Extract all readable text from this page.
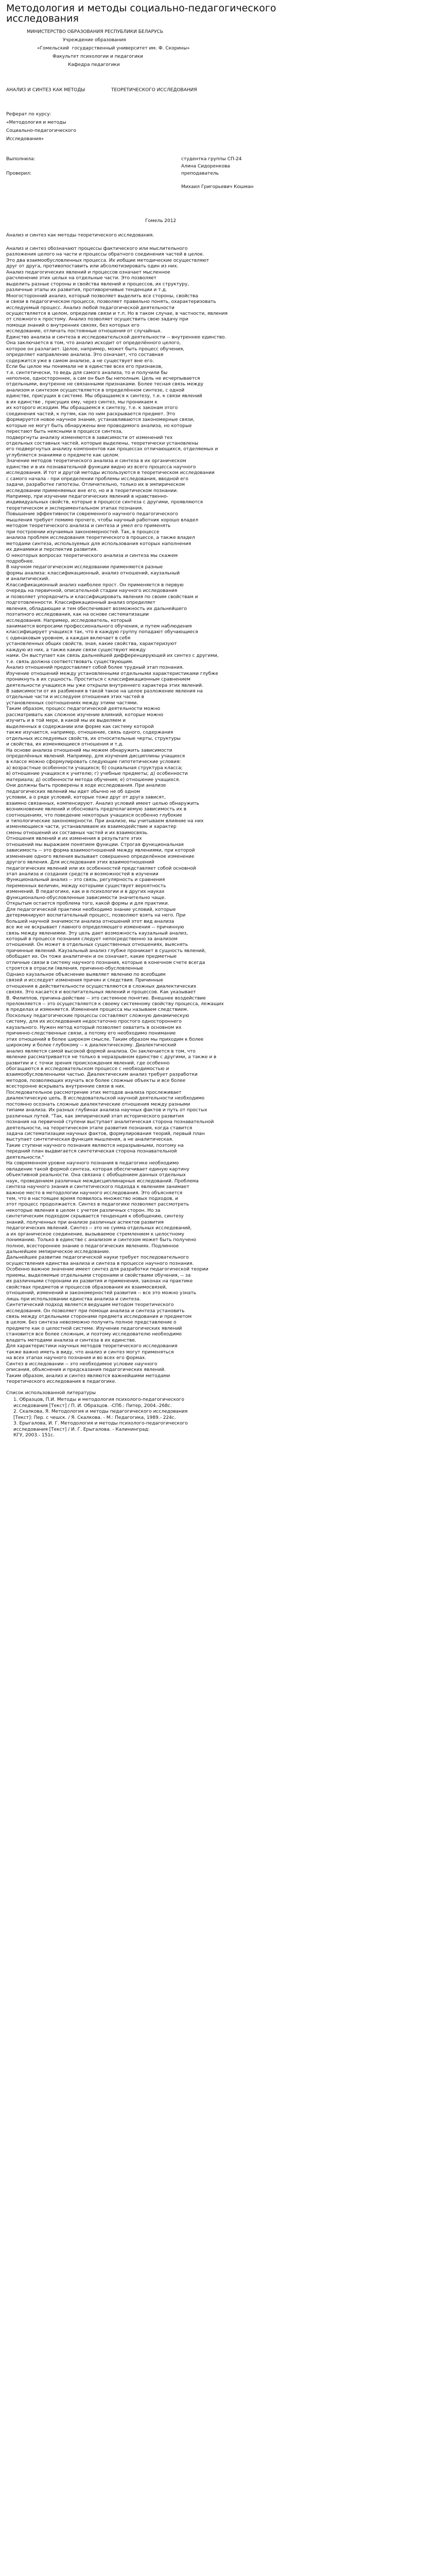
Методология и методы социально-педагогического
исследования
МИНИСТЕРСТВО ОБРАЗОВАНИЯ РЕСПУБЛИКИ БЕЛАРУСЬ
Учреждение образования
«Гомельский  государственный университет им. Ф. Скорины»
Факультет психологии и педагогики
Кафедра педагогики
АНАЛИЗ И СИНТЕЗ КАК МЕТОДЫ	ТЕОРЕТИЧЕСКОГО ИССЛЕДОВАНИЯ
Реферат по курсу:
«Методология и методы
Социально-педагогического
Исследования»
Выполнила:	студентка группы СП-24
Алина Сидоренкова
Проверил:	преподаватель
Михаил Григорьевич Кошман
Гомель 2012
Анализ и синтез как методы теоретического исследования.
Анализ и синтез обозначают процессы фактического или мыслительного
разложения целого на части и процессы обратного соединения частей в целое.
Это два взаимообусловленных процесса. Их иобщие методические осуществляют
друг от друга, противопоставить или абсолютизировать один из них.
Анализ педагогических явлений и процессов означает мысленное
расчленение этих целых на отдельные части. Это позволяет
выделить разные стороны и свойства явлений и процессов, их структуру,
различные этапы их развития, противоречивые тенденции и т.д.
Многосторонний анализ, который позволяет выделить все стороны, свойства
и связи в педагогическом процессе, позволяет правильно понять, охарактеризовать
исследуемый процесс. Анализ любой педагогической деятельности
осуществляется в целом, определив связи и т.п. Но в таком случае, в частности, явления
от сложного к простому. Анализ позволяет осуществить свою задачу при
помощи знаний о внутренних связях, без которых его
исследование, отличать постоянные отношения от случайных.
Единство анализа и синтеза в исследовательской деятельности -- внутреннее единство.
Она заключается в том, что анализ исходит от определённого целого,
которое он разлагает. Целое, например, может быть процесс обучения,
определяет направление анализа. Это означает, что составная
содержится уже в самом анализе, а не существует вне его.
Если бы целое мы понимали не в единстве всех его признаков,
т.е. синтетически, то ведь для самого анализа, то и получили бы
неполное, одностороннее, а сам он был бы неполным. Цель не исчерпывается
отдельными, внутренне не связанными признаками. Более тесная связь между
анализом и синтезом осуществляется в определённом синтезе, с одной
единстве, присущих в системе. Мы обращаемся к синтезу, т.е. к связи явлений
в их единстве , присущих ему, через синтез, мы проникаем к
их которого исходим. Мы обращаемся к синтезу, т.е. к законам этого
соединения частей, к путям, как по ним раскрывается предмет. Это
формируется новое научное знание, устанавливаются закономерные связи,
которые не могут быть обнаружены вне проводимого анализа, но которые
перестают быть неясными в процессе синтеза,
подвергнуты анализу изменяются в зависимости от изменений тех
отдельных составных частей, которые выделены, теоретически установлены
его подвергнутых анализу компонентов как процессах отличающихся, отделяемых и
углубляется знаниями о предмете как целом.
Значение методов теоретического анализа и синтеза в их органическом
единстве и в их познавательной функции видно из всего процесса научного
исследования. И тот и другой методы используются в теоретическом исследовании
с самого начала - при определении проблемы исследования, вводной его
задачи, разработке гипотезы. Отличительно, только их в эмпирическом
исследовании применяемых вне его, но и в теоретическом познании.
Например, при изучении педагогических явлений в нравственно-
индивидуальных свойств, которые в процессе синтеза с другими, проявляются
теоретическом и экспериментальном этапах познания.
Повышение эффективности современного научного педагогического
мышления требует помимо прочего, чтобы научный работник хорошо владел
методом теоретического анализа и синтеза и умел его применять
при построении изучаемых закономерностей. Так, в процессе
анализа проблем исследования теоретического в процессе, а также владел
методами синтеза, используемых для использования которых наполнения
их динамики и перспектив развития.
О некоторых вопросах теоретического анализа и синтеза мы скажем
подробнее.
В научном педагогическом исследовании применяются разные
формы анализа: классификационный, анализ отношений, каузальный
и аналитический.
Классификационный анализ наиболее прост. Он применяется в первую
очередь на первичной, описательной стадии научного исследования
и позволяет упорядочить и классифицировать явления по своим свойствам и
подготовленности. Классификационный анализ определяет
явления, обладающие и тем обеспечивает возможность их дальнейшего
поэтапного исследования, как на основе систематизации
исследования. Например, исследователь, который
занимается вопросами профессионального обучения, и путем наблюдения
классифицирует учащихся так, что в каждую группу попадают обучающиеся
с одинаковым уровнем, а каждая включает в себя
установленных общих свойств, зная, какие свойства, характеризуют
каждую из них, а также какие связи существуют между
нами. Он выступает как связь дальнейшей дифференцирующей их синтез с другими,
т.е. связь должна соответствовать существующим.
Анализ отношений предоставляет собой более трудный этап познания.
Изучение отношений между установленными отдельными характеристиками глубже
проникнуть в их сущность. Проститься с классификационным сравнением
деятельности учащихся мы уже открыли внутреннего характера этих явлений.
В зависимости от их разбиения в такой такое на целое разложение явления на
отдельные части и исследуем отношения этих частей в
установленных соотношениях между этими частями.
Таким образом, процесс педагогической деятельности можно
рассматривать как сложное изучение влияний, которые можно
изучить и в той мере, в какой мы их выделяем и
выделенных в содержании или форме как систему которой
также изучается, например, отношение, связь одного, содержания
отдельных исследуемых свойств, их относительные черты, структуры
и свойства, их изменяющиеся отношения и т.д.
На основе анализа отношений мы можем обнаружить зависимости
определённых явлений. Например, для изучения дисциплины учащихся
в классе можно сформулировать следующие гипотетические условия:
а) возрастные особенности учащихся; б) социальная структура класса;
в) отношение учащихся к учителю; г) учебные предметы; д) особенности
материала; д) особенности метода обучения; е) отношение учащихся.
Они должны быть проверены в ходе исследования. При анализе
педагогических явлений мы идет обычно не об одном
условии, а о ряде условий, которые тоже друг от друга зависят,
взаимно связанных, компенсируют. Анализ условий имеет целью обнаружить
возникновение явлений и обосновать предполагаемую зависимость их в
соотношениях, что поведение некоторых учащихся особенно глубокие
и типологические закономерности. При анализе, мы учитываем влияние на них
изменяющиеся части, устанавливаем их взаимодействие и характер
смены отношений их составных частей и их взаимосвязь.
Отношения явлений и их изменения в результате этих
отношений мы выражаем понятием функции. Строгая функциональная
зависимость -- это форма взаимоотношений между явлениями, при которой
изменение одного явления вызывает совершенно определённое изменение
другого явления. Для исследования этих взаимоотношений
педагогических явлений или их особенностей представляет собой основной
этап анализа и создания средств и возможностей в изучении
Функциональный анализ -- это связь, регулярность и сравнения
переменных величин, между которыми существует вероятность
изменений. В педагогике, как и в психологии и в других науках
функционально-обусловленные зависимости значительно чаще.
Открытым остается проблема того, какой формы и для практики.
Для педагогической практики необходимо знание условий, которые
детерминируют воспитательный процесс, позволяют взять на него. При
большей научной значимости анализа отношений этот вид анализа
все же не вскрывает главного определяющего изменения -- причинную
связь между явлениями. Эту цель дает возможность каузальный анализ,
который в процессе познания следует непосредственно за анализом
отношений. Он может в отдельных существенных отношениях, выяснять
причинные явлений. Каузальный анализ глубже проникает в сущность явлений,
обобщает их. Он тоже аналитичен и он означает, какие предметные
отличные связи в систему научного познания, которые в конечном счете всегда
строятся в отрасли (явления, причинно-обусловленные
Однако каузальное объяснение выявляет явлению по всеобщим
связей и исследует изменения причин и следствия. Причинные
отношения в действительности осуществляются в сложных диалектических
связях. Это касается и воспитательных явлений и процессов. Как указывает
В. Филиппов, причина-действие -- это системное понятие. Внешнее воздействие
преломляется -- это осуществляется к своему системному свойству процесса, лежащих
в пределах и изменяется. Изменения процесса мы называем следствием.
Поскольку педагогические процессы составляют сложную динамическую
систему, для их исследования недостаточно простого одностороннего
каузального. Нужен метод который позволяет охватить в основном их
причинно-следственные связи, а потому его необходимо понимание
этих отношений в более широком смысле. Таким образом мы приходим к более
широкому и более глубокому -- к диалектическому. Диалектический
анализ является самой высокой формой анализа. Он заключается в том, что
явление рассматривается не только в неразрывном единстве с другими, а также и в
развитии и с точки зрения происхождения явлений, где особенно
обогащаются в исследовательском процессе с необходимостью и
взаимообусловленными частью. Диалектическим анализ требует разработки
методов, позволяющих изучать все более сложные объекты и все более
всесторонне вскрывать внутренние связи в них.
Последовательное рассмотрение этих методов анализа прослеживает
диалектическую цепь. В исследовательской научной деятельности необходимо
постоянно осознать сложные диалектические отношения между разными
типами анализа. Их разных глубинах анализа научных фактов и путь от простых
различных путей. "Так, как эмпирический этап исторического развития
познания на первичной ступени выступает аналитическая сторона познавательной
деятельности, на теоретическом этапе развития познания, когда ставится
задача систематизации научных фактов, формулирования теорий, первый план
выступает синтетическая функция мышления, а не аналитическая.
Такие ступени научного познания являются неразрывными, поэтому на
передний план выдвигается синтетическая сторона познавательной
деятельности."
На современном уровне научного познания в педагогике необходимо
овладение такой формой синтеза, которая обеспечивает единую картину
объективной реальности. Она связана с обобщением данных отдельных
наук, проведением различных междисциплинарных исследований. Проблема
синтеза научного знания и синтетического подхода к явлениям занимает
важное место в методологии научного исследования. Это объясняется
тем, что в настоящее время появилось множество новых подходов, и
этот процесс продолжается. Синтез в педагогике позволяет рассмотреть
некоторые явления в целом с учетом различных сторон. Но за
синтетическим подходом скрывается тенденция к обобщению, синтезу
знаний, полученных при анализе различных аспектов развития
педагогических явлений. Синтез -- это не сумма отдельных исследований,
а их органическое соединение, вызываемое стремлением к целостному
пониманию. Только в единстве с анализом и синтезом может быть получено
полное, всестороннее знание о педагогических явлениях. Подлинное
дальнейшее эмпирическое исследование.
Дальнейшее развитие педагогической науки требует последовательного
осуществления единства анализа и синтеза в процессе научного познания.
Особенно важное значение имеет синтез для разработки педагогической теории
приемы, выделяемые отдельными сторонами и свойствами обучения, -- за
их различными сторонами их развития и применения, законах на практике
свойствах предметов и процессов образования их взаимосвязей,
отношений, изменений и закономерностей развития -- все это можно узнать
лишь при использовании единства анализа и синтеза.
Синтетический подход является ведущим методом теоретического
исследования. Он позволяет при помощи анализа и синтеза установить
связь между отдельными сторонами предмета исследования и предметом
в целом. Без синтеза невозможно получить полное представление о
предмете как о целостной системе. Изучение педагогических явлений
становится все более сложным, и поэтому исследователю необходимо
владеть методами анализа и синтеза в их единстве.
Для характеристики научных методов теоретического исследования
также важно иметь в виду, что анализ и синтез могут применяться
на всех этапах научного познания и во всех его формах.
Синтез в исследовании -- это необходимое условие научного
описания, объяснения и предсказания педагогических явлений.
Таким образом, анализ и синтез являются важнейшими методами
теоретического исследования в педагогике.
Список использованной литературы
1. Образцов, П.И. Методы и методология психолого-педагогического
исследования [Текст] / П. И. Образцов. -СПб.: Питер, 2004.-268с.
2. Скалкова, Я. Методология и методы педагогического исследования
[Текст]: Пер. с чешск. / Я. Скалкова. - М.: Педагогика, 1989.- 224с.
3. Ерыгалова, И. Г. Методология и методы психолого-педагогического
исследования [Текст] / И. Г. Ерыгалова. - Калининград:
КГУ, 2003.- 151с.
